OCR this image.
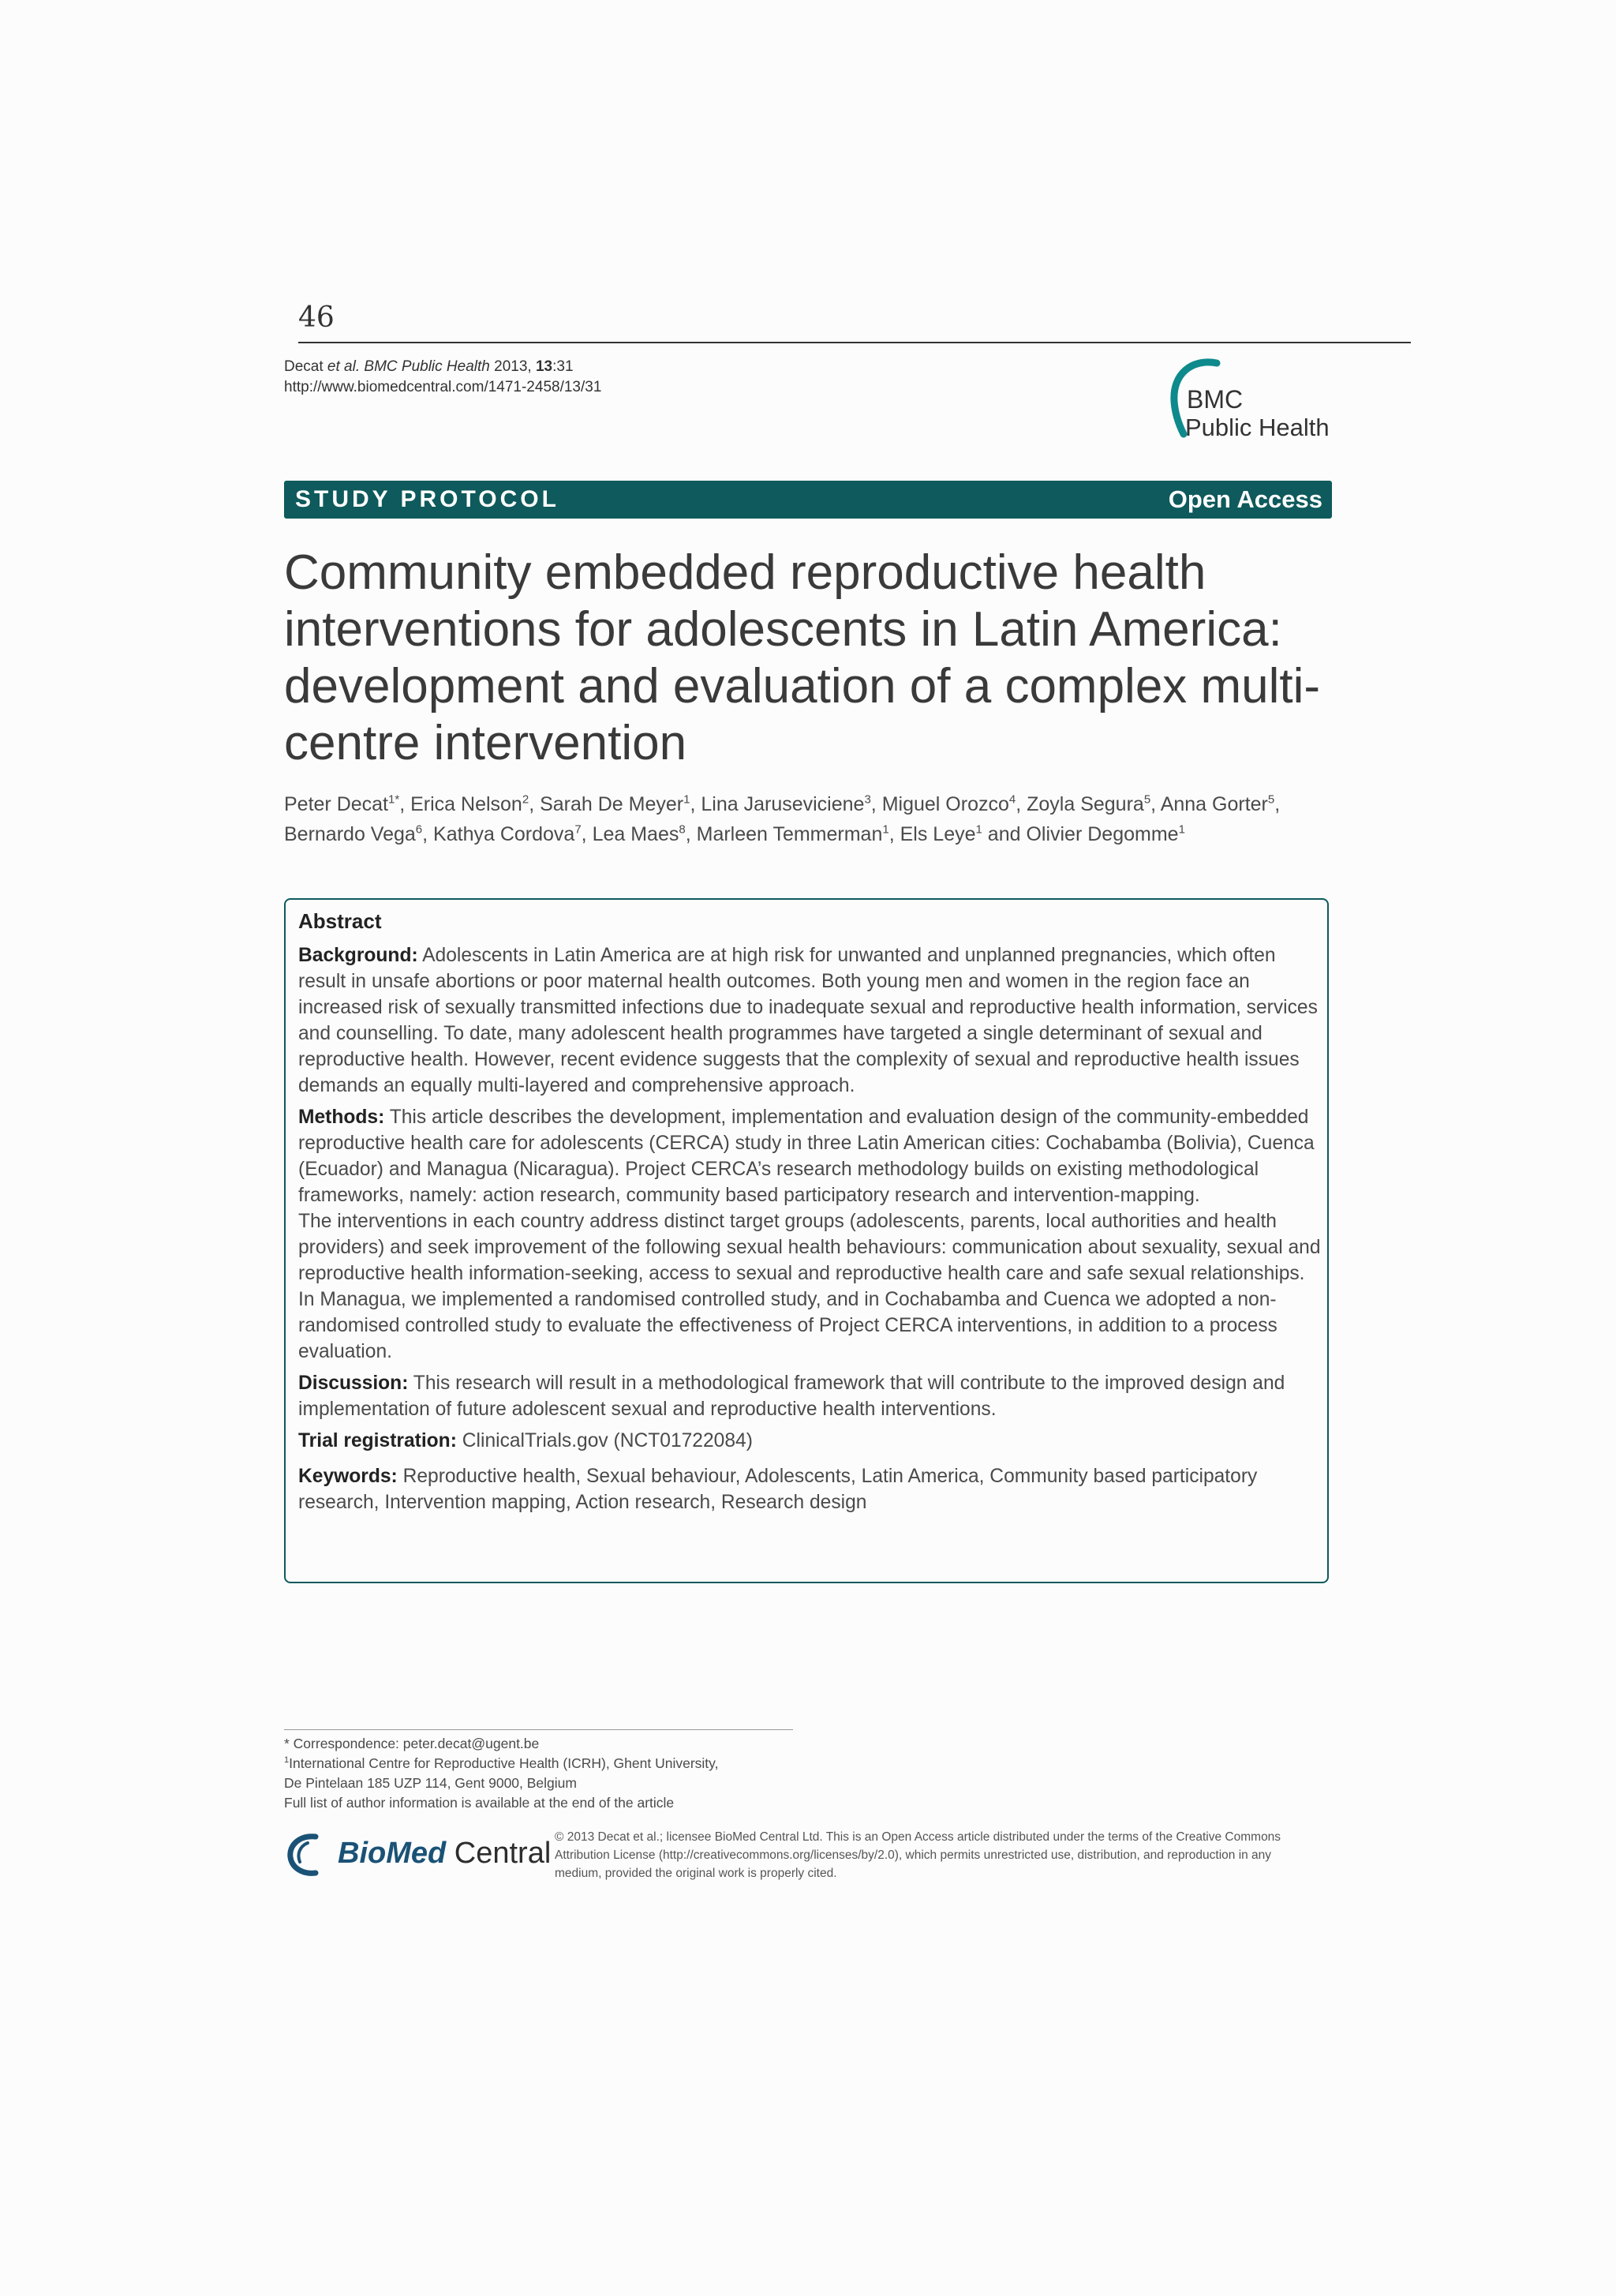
46
Decat et al. BMC Public Health 2013, 13:31
http://www.biomedcentral.com/1471-2458/13/31	BMC
Public Health
STUDY PROTOCOL	Open Access
Community embedded reproductive health interventions for adolescents in Latin America: development and evaluation of a complex multi-centre intervention
Peter Decat$^{1*}$, Erica Nelson$^2$, Sarah De Meyer$^1$, Lina Jaruseviciene$^3$, Miguel Orozco$^4$, Zoyla Segura$^5$, Anna Gorter$^5$, Bernardo Vega$^6$, Kathya Cordova$^7$, Lea Maes$^8$, Marleen Temmerman$^1$, Els Leye$^1$ and Olivier Degomme$^1$
Abstract

Background: Adolescents in Latin America are at high risk for unwanted and unplanned pregnancies, which often result in unsafe abortions or poor maternal health outcomes. Both young men and women in the region face an increased risk of sexually transmitted infections due to inadequate sexual and reproductive health information, services and counselling. To date, many adolescent health programmes have targeted a single determinant of sexual and reproductive health. However, recent evidence suggests that the complexity of sexual and reproductive health issues demands an equally multi-layered and comprehensive approach.

Methods: This article describes the development, implementation and evaluation design of the community-embedded reproductive health care for adolescents (CERCA) study in three Latin American cities: Cochabamba (Bolivia), Cuenca (Ecuador) and Managua (Nicaragua). Project CERCA’s research methodology builds on existing methodological frameworks, namely: action research, community based participatory research and intervention-mapping.

The interventions in each country address distinct target groups (adolescents, parents, local authorities and health providers) and seek improvement of the following sexual health behaviours: communication about sexuality, sexual and reproductive health information-seeking, access to sexual and reproductive health care and safe sexual relationships.

In Managua, we implemented a randomised controlled study, and in Cochabamba and Cuenca we adopted a non-randomised controlled study to evaluate the effectiveness of Project CERCA interventions, in addition to a process evaluation.

Discussion: This research will result in a methodological framework that will contribute to the improved design and implementation of future adolescent sexual and reproductive health interventions.

Trial registration: ClinicalTrials.gov (NCT01722084)

Keywords: Reproductive health, Sexual behaviour, Adolescents, Latin America, Community based participatory research, Intervention mapping, Action research, Research design

* Correspondence: peter.decat@ugent.be
$^1$International Centre for Reproductive Health (ICRH), Ghent University,
De Pintelaan 185 UZP 114, Gent 9000, Belgium
Full list of author information is available at the end of the article
BioMed Central © 2013 Decat et al.; licensee BioMed Central Ltd. This is an Open Access article distributed under the terms of the Creative Commons Attribution License (http://creativecommons.org/licenses/by/2.0), which permits unrestricted use, distribution, and reproduction in any medium, provided the original work is properly cited.
